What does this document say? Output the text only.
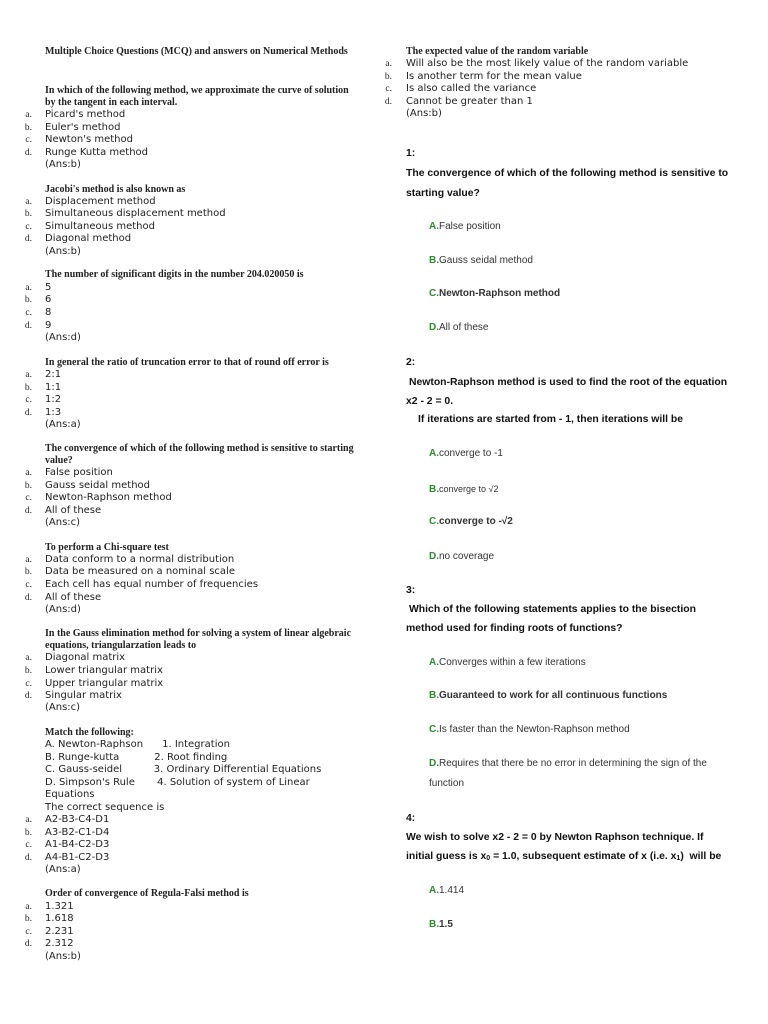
Multiple Choice Questions (MCQ) and answers on Numerical Methods
In which of the following method, we approximate the curve of solution by the tangent in each interval.
a. Picard's method
b. Euler's method
c. Newton's method
d. Runge Kutta method
(Ans:b)
Jacobi's method is also known as
a. Displacement method
b. Simultaneous displacement method
c. Simultaneous method
d. Diagonal method
(Ans:b)
The number of significant digits in the number 204.020050 is
a. 5
b. 6
c. 8
d. 9
(Ans:d)
In general the ratio of truncation error to that of round off error is
a. 2:1
b. 1:1
c. 1:2
d. 1:3
(Ans:a)
The convergence of which of the following method is sensitive to starting value?
a. False position
b. Gauss seidal method
c. Newton-Raphson method
d. All of these
(Ans:c)
To perform a Chi-square test
a. Data conform to a normal distribution
b. Data be measured on a nominal scale
c. Each cell has equal number of frequencies
d. All of these
(Ans:d)
In the Gauss elimination method for solving a system of linear algebraic equations, triangularzation leads to
a. Diagonal matrix
b. Lower triangular matrix
c. Upper triangular matrix
d. Singular matrix
(Ans:c)
Match the following:
A. Newton-Raphson      1. Integration
B. Runge-kutta           2. Root finding
C. Gauss-seidel          3. Ordinary Differential Equations
D. Simpson's Rule       4. Solution of system of Linear
Equations
The correct sequence is
a. A2-B3-C4-D1
b. A3-B2-C1-D4
c. A1-B4-C2-D3
d. A4-B1-C2-D3
(Ans:a)
Order of convergence of Regula-Falsi method is
a. 1.321
b. 1.618
c. 2.231
d. 2.312
(Ans:b)
The expected value of the random variable
a. Will also be the most likely value of the random variable
b. Is another term for the mean value
c. Is also called the variance
d. Cannot be greater than 1
(Ans:b)
1:
The convergence of which of the following method is sensitive to starting value?
A.False position
B.Gauss seidal method
C.Newton-Raphson method
D.All of these
2:
Newton-Raphson method is used to find the root of the equation
x2 - 2 = 0.
If iterations are started from - 1, then iterations will be
A.converge to -1
B.converge to √2
C.converge to -√2
D.no coverage
3:
Which of the following statements applies to the bisection
method used for finding roots of functions?
A.Converges within a few iterations
B.Guaranteed to work for all continuous functions
C.Is faster than the Newton-Raphson method
D.Requires that there be no error in determining the sign of the function
4:
We wish to solve x2 - 2 = 0 by Newton Raphson technique. If
initial guess is x0 = 1.0, subsequent estimate of x (i.e. x1)  will be
A.1.414
B.1.5
